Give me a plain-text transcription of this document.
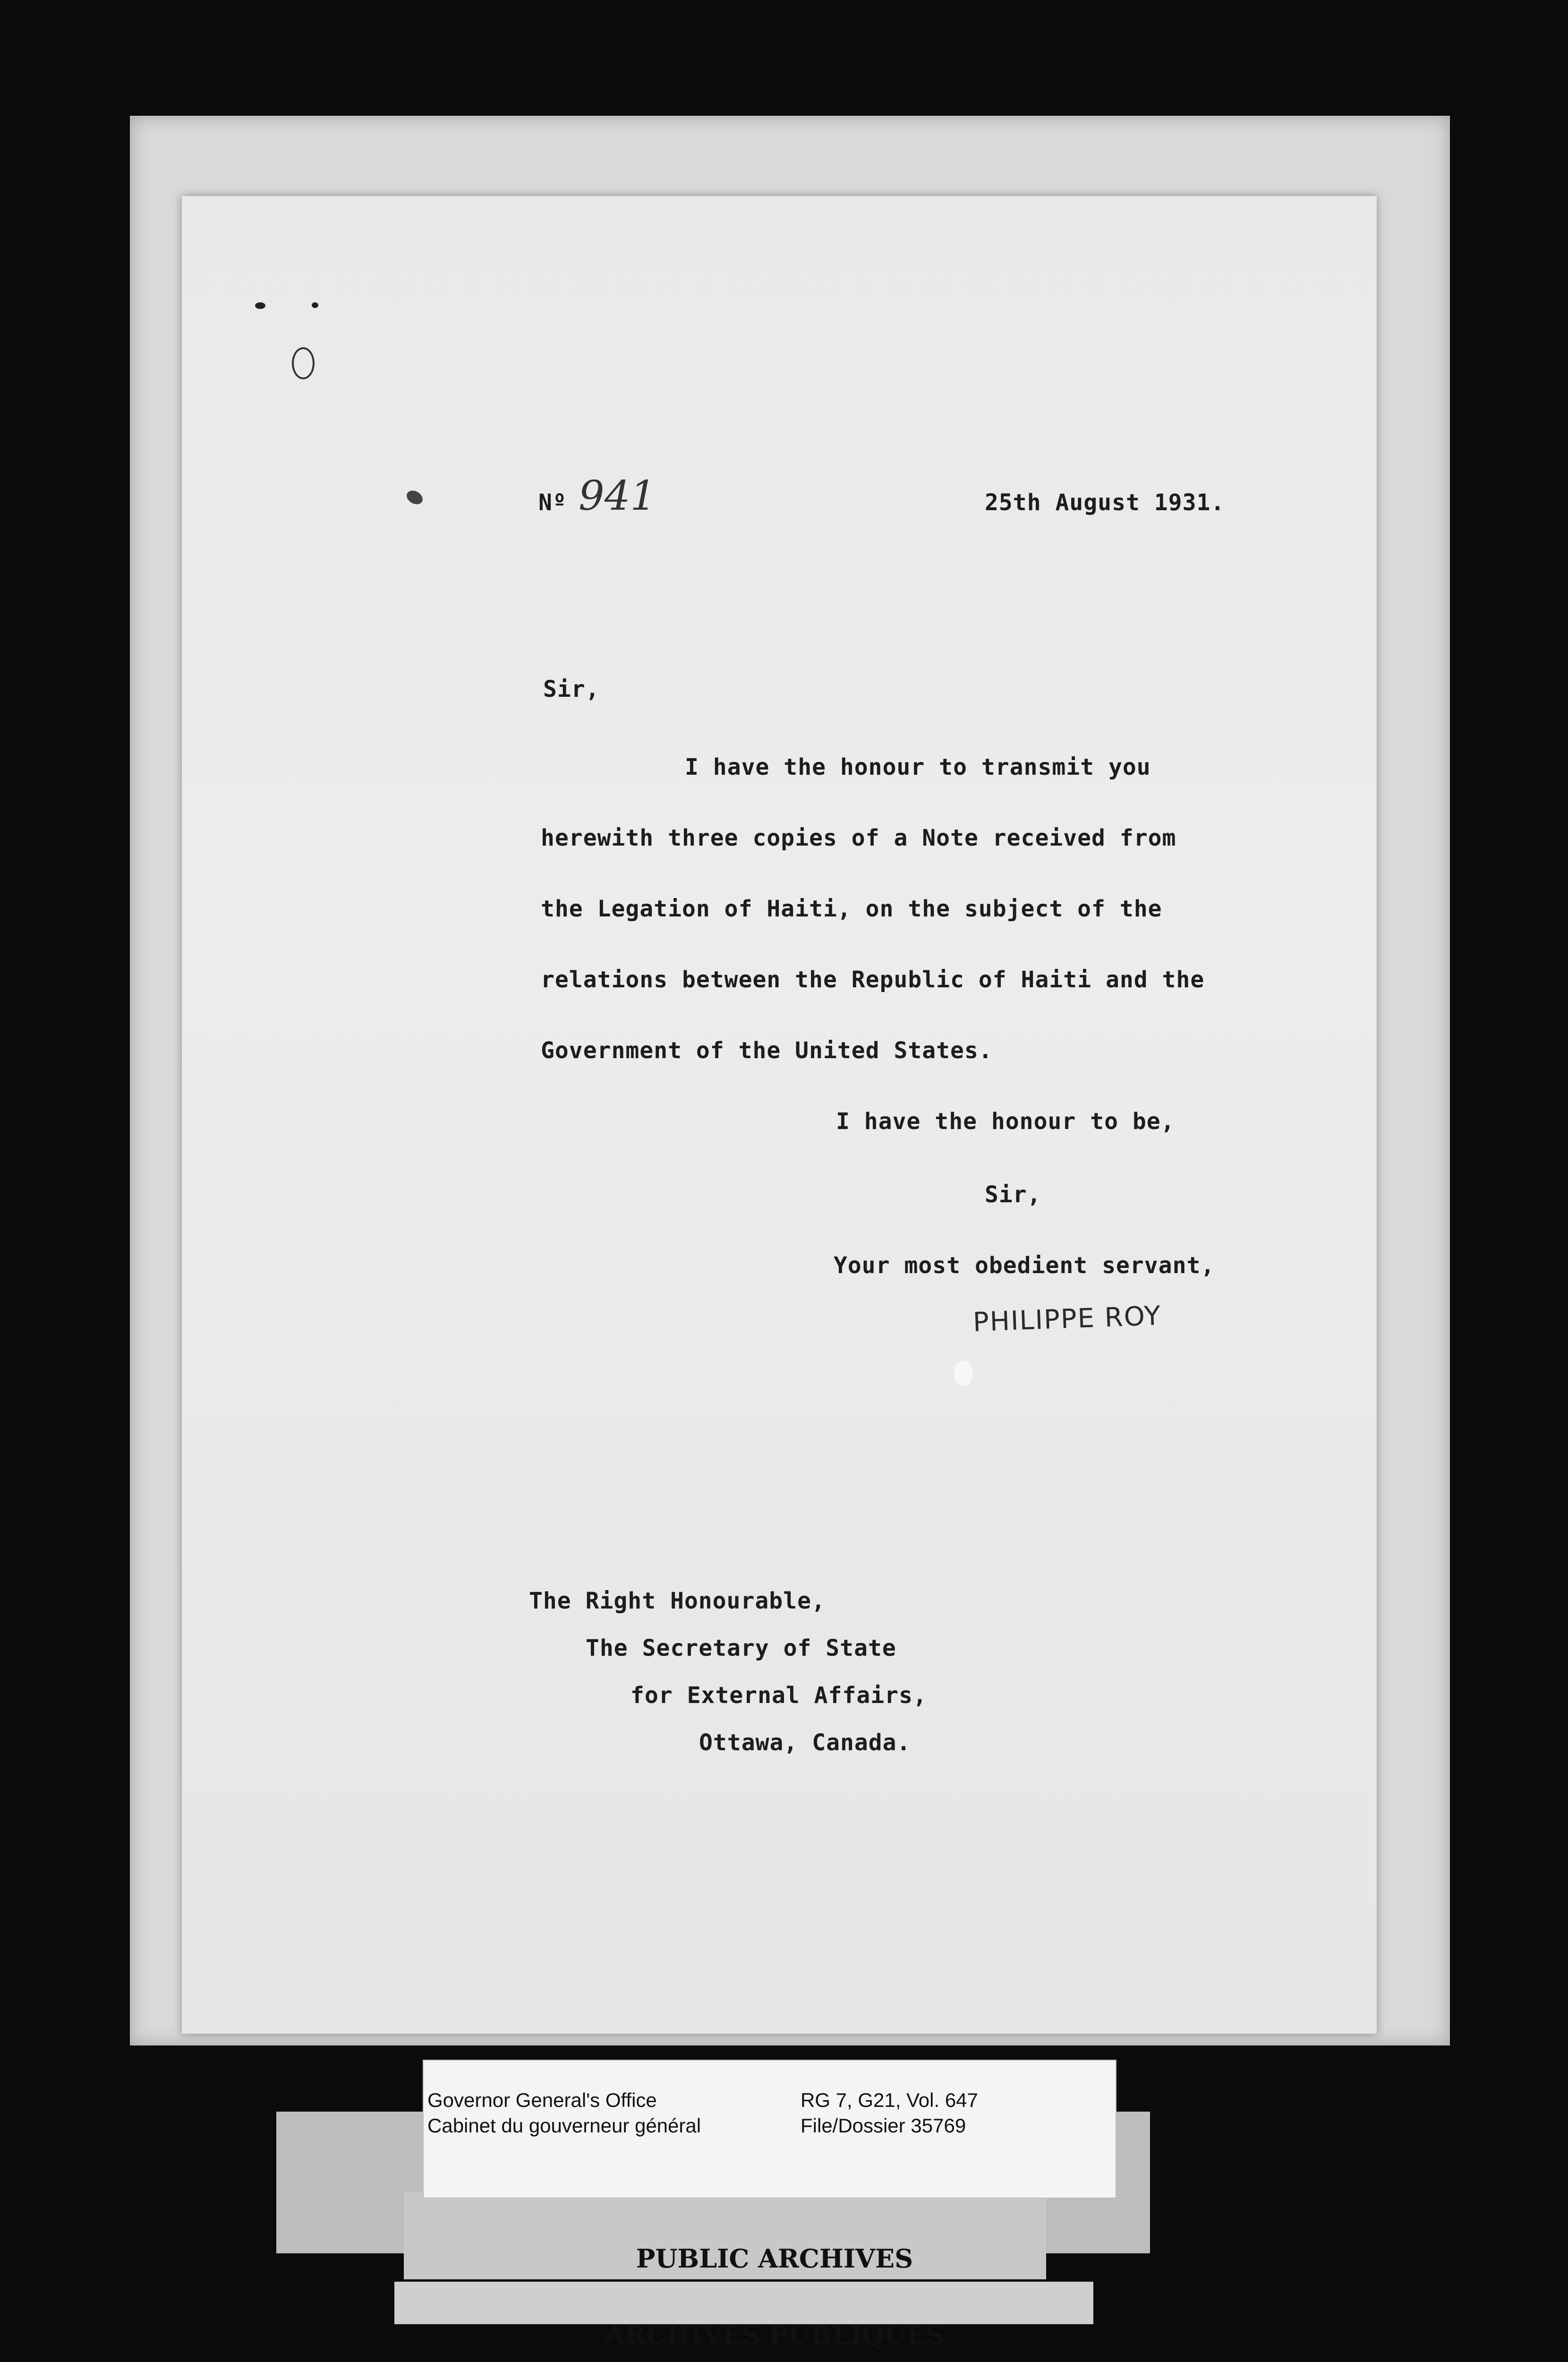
Nº 941	25th August 1931.
Sir,
I have the honour to transmit you
herewith three copies of a Note received from
the Legation of Haiti, on the subject of the
relations between the Republic of Haiti and the
Government of the United States.
I have the honour to be,
Sir,
Your most obedient servant,
PHILIPPE ROY
The Right Honourable,
The Secretary of State
for External Affairs,
Ottawa, Canada.
Governor General's Office
Cabinet du gouverneur général
RG 7, G21, Vol. 647
File/Dossier 35769

PUBLIC ARCHIVES

ARCHIVES PUBLIQUES
